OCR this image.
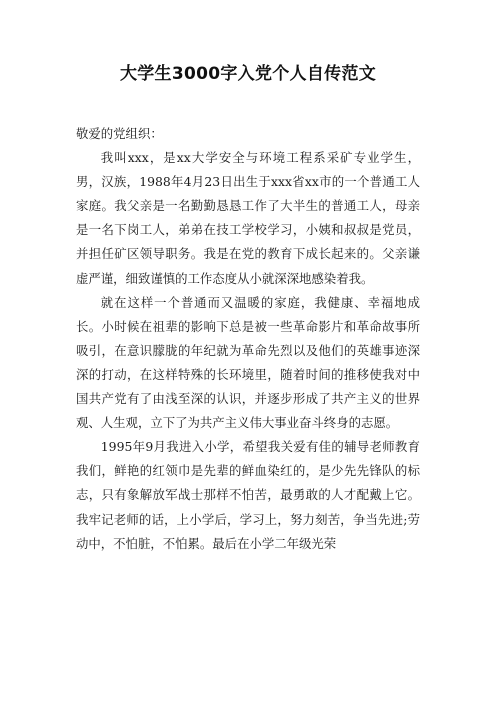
大学生3000字入党个人自传范文

敬爱的党组织：

我叫xxx，是xx大学安全与环境工程系采矿专业学生，男，汉族，1988年4月23日出生于xxx省xx市的一个普通工人家庭。我父亲是一名勤勤恳恳工作了大半生的普通工人，母亲是一名下岗工人，弟弟在技工学校学习，小姨和叔叔是党员，并担任矿区领导职务。我是在党的教育下成长起来的。父亲谦虚严谨，细致谨慎的工作态度从小就深深地感染着我。

就在这样一个普通而又温暖的家庭，我健康、幸福地成长。小时候在祖辈的影响下总是被一些革命影片和革命故事所吸引，在意识朦胧的年纪就为革命先烈以及他们的英雄事迹深深的打动，在这样特殊的长环境里，随着时间的推移使我对中国共产党有了由浅至深的认识，并逐步形成了共产主义的世界观、人生观，立下了为共产主义伟大事业奋斗终身的志愿。

1995年9月我进入小学，希望我关爱有佳的辅导老师教育我们，鲜艳的红领巾是先辈的鲜血染红的，是少先先锋队的标志，只有象解放军战士那样不怕苦，最勇敢的人才配戴上它。我牢记老师的话，上小学后，学习上，努力刻苦，争当先进;劳动中，不怕脏，不怕累。最后在小学二年级光荣
